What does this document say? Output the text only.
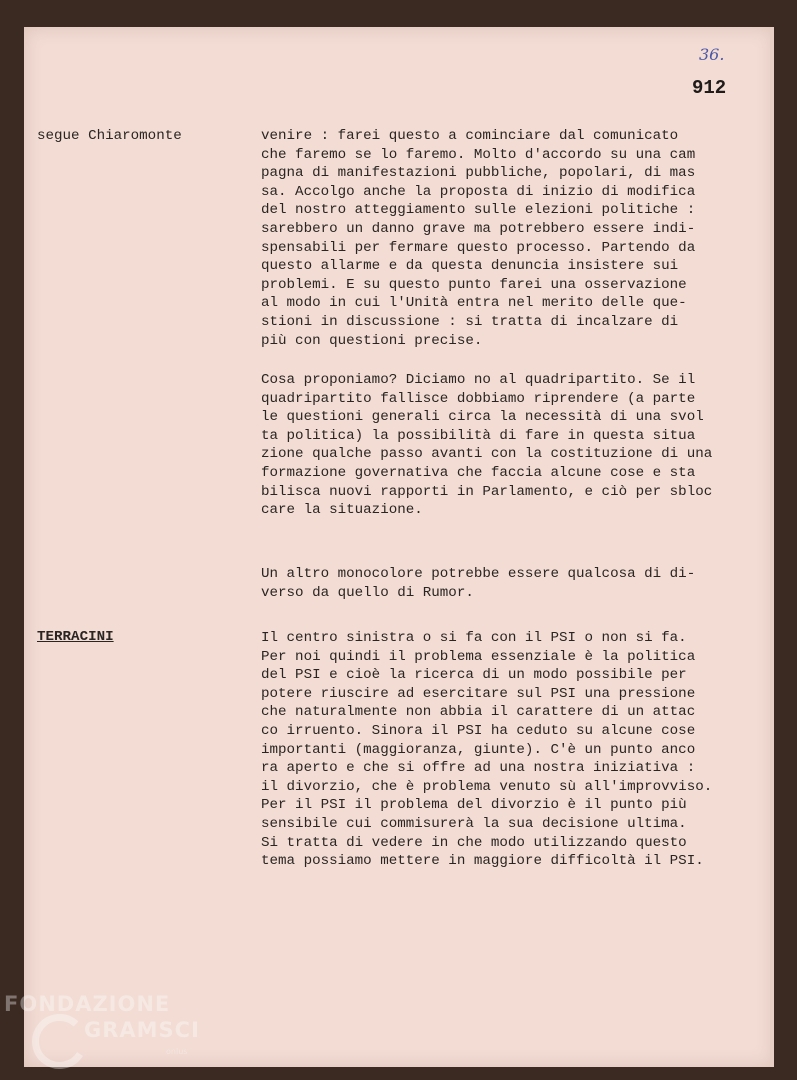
36.
912
segue Chiaromonte
TERRACINI
venire : farei questo a cominciare dal comunicato
che faremo se lo faremo. Molto d'accordo su una cam
pagna di manifestazioni pubbliche, popolari, di mas
sa. Accolgo anche la proposta di inizio di modifica
del nostro atteggiamento sulle elezioni politiche :
sarebbero un danno grave ma potrebbero essere indi-
spensabili per fermare questo processo. Partendo da
questo allarme e da questa denuncia insistere sui
problemi. E su questo punto farei una osservazione
al modo in cui l'Unità entra nel merito delle que-
stioni in discussione : si tratta di incalzare di
più con questioni precise.
Cosa proponiamo? Diciamo no al quadripartito. Se il
quadripartito fallisce dobbiamo riprendere (a parte
le questioni generali circa la necessità di una svol
ta politica) la possibilità di fare in questa situa
zione qualche passo avanti con la costituzione di una
formazione governativa che faccia alcune cose e sta
bilisca nuovi rapporti in Parlamento, e ciò per sbloc
care la situazione.
Un altro monocolore potrebbe essere qualcosa di di-
verso da quello di Rumor.
Il centro sinistra o si fa con il PSI o non si fa.
Per noi quindi il problema essenziale è la politica
del PSI e cioè la ricerca di un modo possibile per
potere riuscire ad esercitare sul PSI una pressione
che naturalmente non abbia il carattere di un attac
co irruento. Sinora il PSI ha ceduto su alcune cose
importanti (maggioranza, giunte). C'è un punto anco
ra aperto e che si offre ad una nostra iniziativa :
il divorzio, che è problema venuto sù all'improvviso.
Per il PSI il problema del divorzio è il punto più
sensibile cui commisurerà la sua decisione ultima.
Si tratta di vedere in che modo utilizzando questo
tema possiamo mettere in maggiore difficoltà il PSI.
FONDAZIONE
GRAMSCI
onlus
